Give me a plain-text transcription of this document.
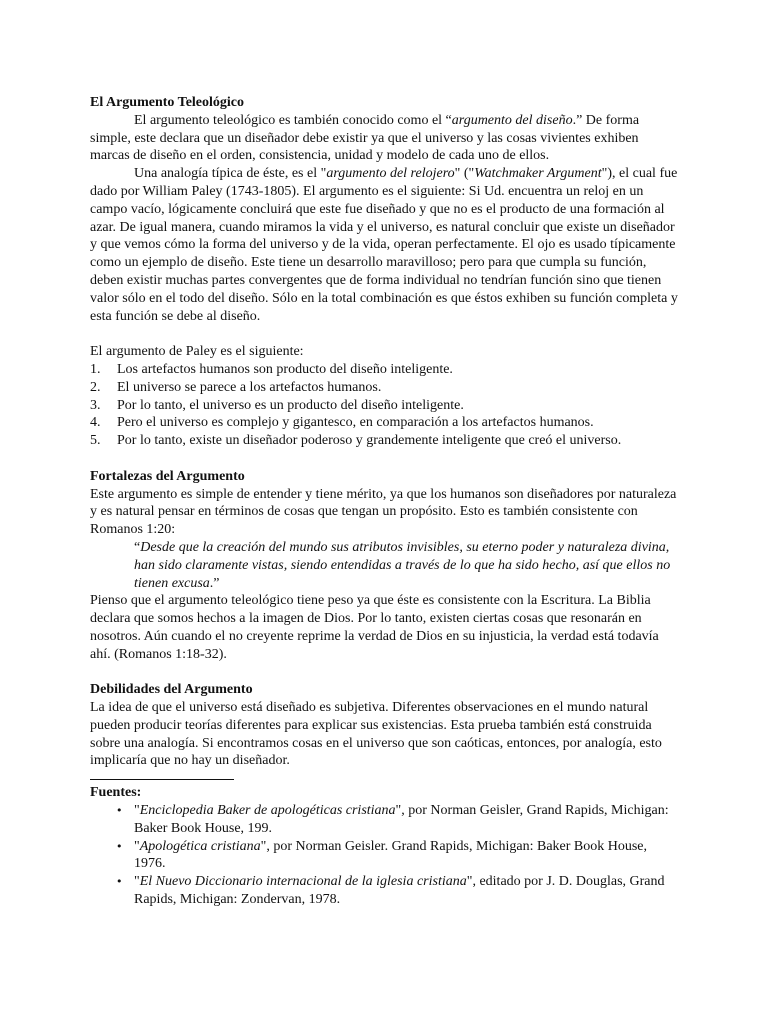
El Argumento Teleológico

El argumento teleológico es también conocido como el “argumento del diseño.” De forma simple, este declara que un diseñador debe existir ya que el universo y las cosas vivientes exhiben marcas de diseño en el orden, consistencia, unidad y modelo de cada uno de ellos.

Una analogía típica de éste, es el "argumento del relojero" ("Watchmaker Argument"), el cual fue dado por William Paley (1743-1805). El argumento es el siguiente: Si Ud. encuentra un reloj en un campo vacío, lógicamente concluirá que este fue diseñado y que no es el producto de una formación al azar. De igual manera, cuando miramos la vida y el universo, es natural concluir que existe un diseñador y que vemos cómo la forma del universo y de la vida, operan perfectamente. El ojo es usado típicamente como un ejemplo de diseño. Este tiene un desarrollo maravilloso; pero para que cumpla su función, deben existir muchas partes convergentes que de forma individual no tendrían función sino que tienen valor sólo en el todo del diseño. Sólo en la total combinación es que éstos exhiben su función completa y esta función se debe al diseño.

El argumento de Paley es el siguiente:

1.	Los artefactos humanos son producto del diseño inteligente.
2.	El universo se parece a los artefactos humanos.
3.	Por lo tanto, el universo es un producto del diseño inteligente.
4.	Pero el universo es complejo y gigantesco, en comparación a los artefactos humanos.
5.	Por lo tanto, existe un diseñador poderoso y grandemente inteligente que creó el universo.

Fortalezas del Argumento

Este argumento es simple de entender y tiene mérito, ya que los humanos son diseñadores por naturaleza y es natural pensar en términos de cosas que tengan un propósito. Esto es también consistente con Romanos 1:20:

“Desde que la creación del mundo sus atributos invisibles, su eterno poder y naturaleza divina, han sido claramente vistas, siendo entendidas a través de lo que ha sido hecho, así que ellos no tienen excusa.”

Pienso que el argumento teleológico tiene peso ya que éste es consistente con la Escritura. La Biblia declara que somos hechos a la imagen de Dios. Por lo tanto, existen ciertas cosas que resonarán en nosotros. Aún cuando el no creyente reprime la verdad de Dios en su injusticia, la verdad está todavía ahí. (Romanos 1:18-32).

Debilidades del Argumento

La idea de que el universo está diseñado es subjetiva. Diferentes observaciones en el mundo natural pueden producir teorías diferentes para explicar sus existencias. Esta prueba también está construida sobre una analogía. Si encontramos cosas en el universo que son caóticas, entonces, por analogía, esto implicaría que no hay un diseñador.

Fuentes:

• "Enciclopedia Baker de apologéticas cristiana", por Norman Geisler, Grand Rapids, Michigan: Baker Book House, 199.
• "Apologética cristiana", por Norman Geisler. Grand Rapids, Michigan: Baker Book House, 1976.
• "El Nuevo Diccionario internacional de la iglesia cristiana", editado por J. D. Douglas, Grand Rapids, Michigan: Zondervan, 1978.
